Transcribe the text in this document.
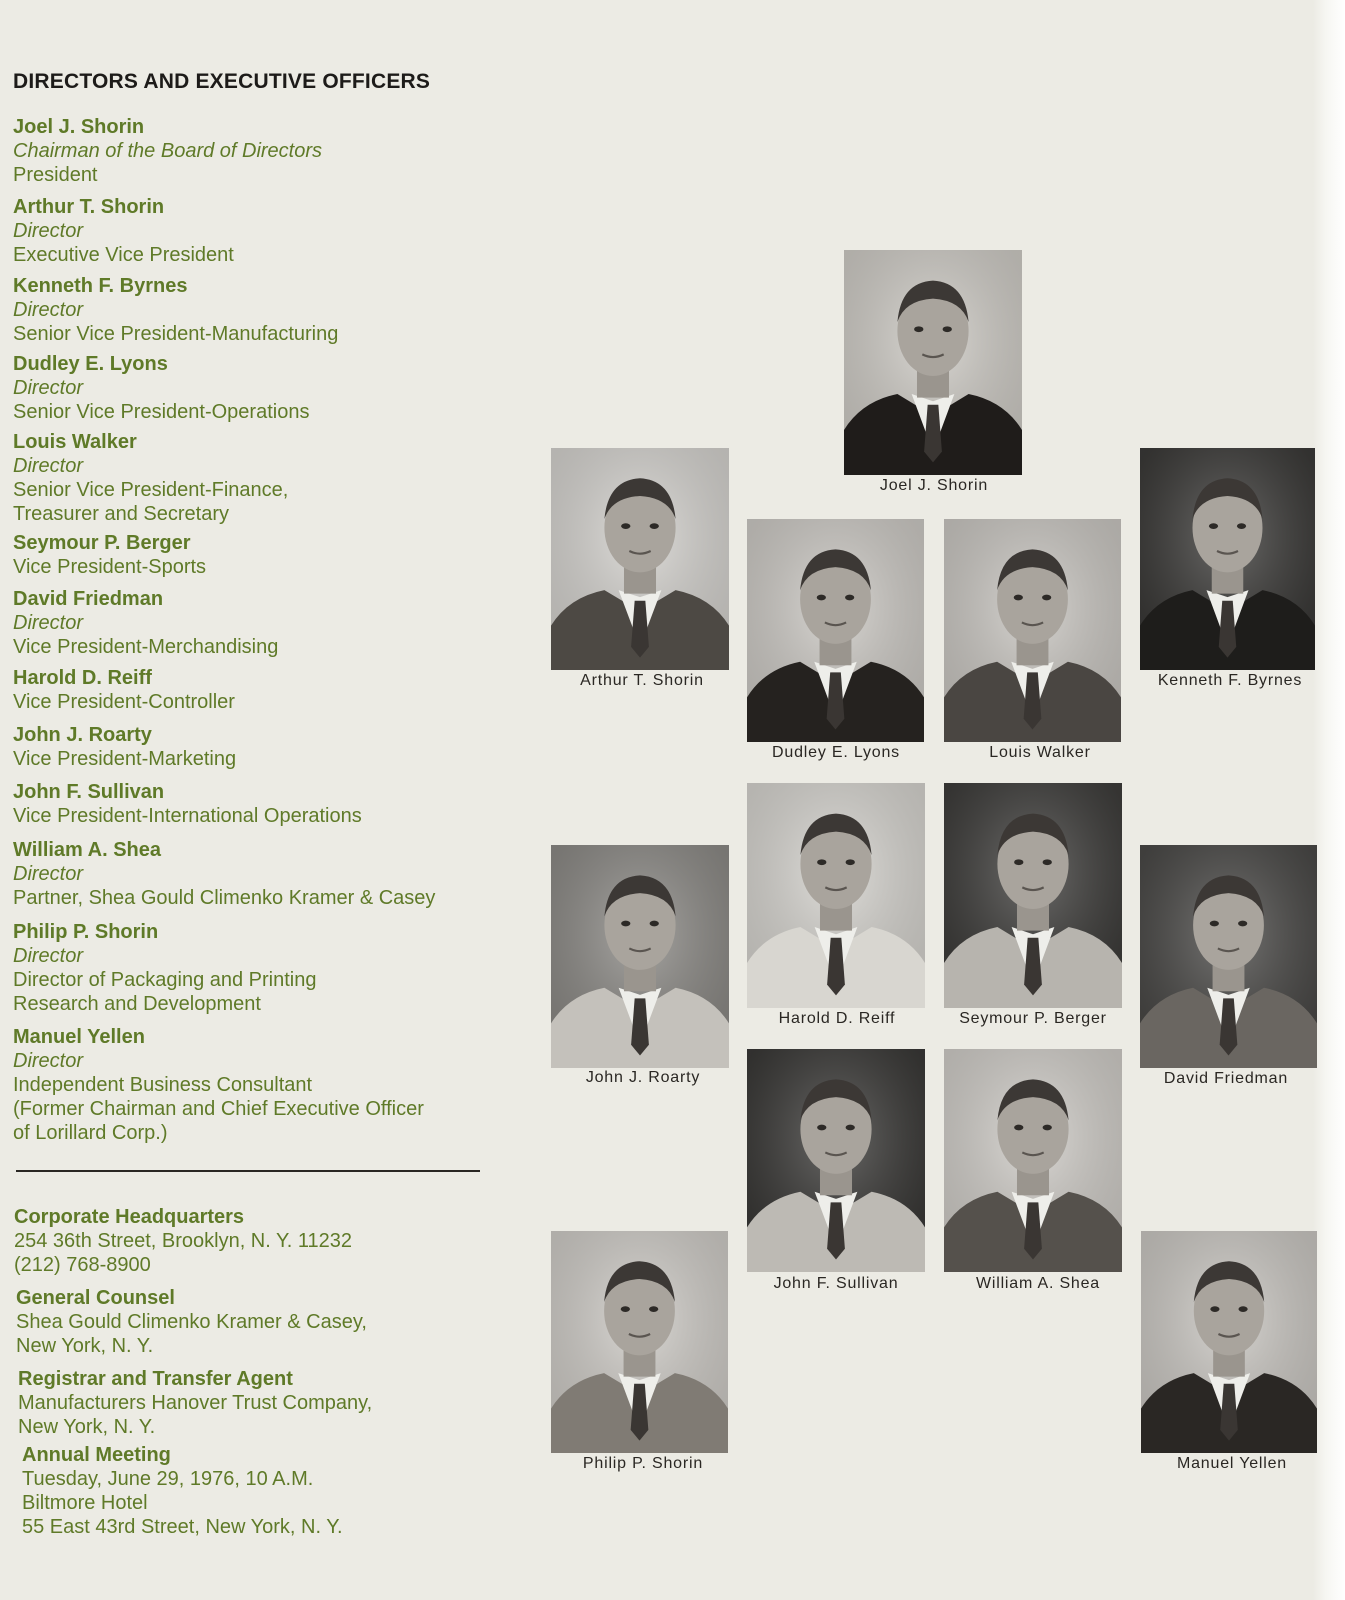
DIRECTORS AND EXECUTIVE OFFICERS
Joel J. Shorin
Chairman of the Board of Directors
President
Arthur T. Shorin
Director
Executive Vice President
Kenneth F. Byrnes
Director
Senior Vice President-Manufacturing
Dudley E. Lyons
Director
Senior Vice President-Operations
Louis Walker
Director
Senior Vice President-Finance,
Treasurer and Secretary
Seymour P. Berger
Vice President-Sports
David Friedman
Director
Vice President-Merchandising
Harold D. Reiff
Vice President-Controller
John J. Roarty
Vice President-Marketing
John F. Sullivan
Vice President-International Operations
William A. Shea
Director
Partner, Shea Gould Climenko Kramer & Casey
Philip P. Shorin
Director
Director of Packaging and Printing
Research and Development
Manuel Yellen
Director
Independent Business Consultant
(Former Chairman and Chief Executive Officer
of Lorillard Corp.)
Corporate Headquarters
254 36th Street, Brooklyn, N. Y. 11232
(212) 768-8900
General Counsel
Shea Gould Climenko Kramer & Casey,
New York, N. Y.
Registrar and Transfer Agent
Manufacturers Hanover Trust Company,
New York, N. Y.
Annual Meeting
Tuesday, June 29, 1976, 10 A.M.
Biltmore Hotel
55 East 43rd Street, New York, N. Y.
Joel J. Shorin
Arthur T. Shorin	Kenneth F. Byrnes
Dudley E. Lyons	Louis Walker
Harold D. Reiff	Seymour P. Berger
John J. Roarty	David Friedman
John F. Sullivan	William A. Shea
Philip P. Shorin	Manuel Yellen
